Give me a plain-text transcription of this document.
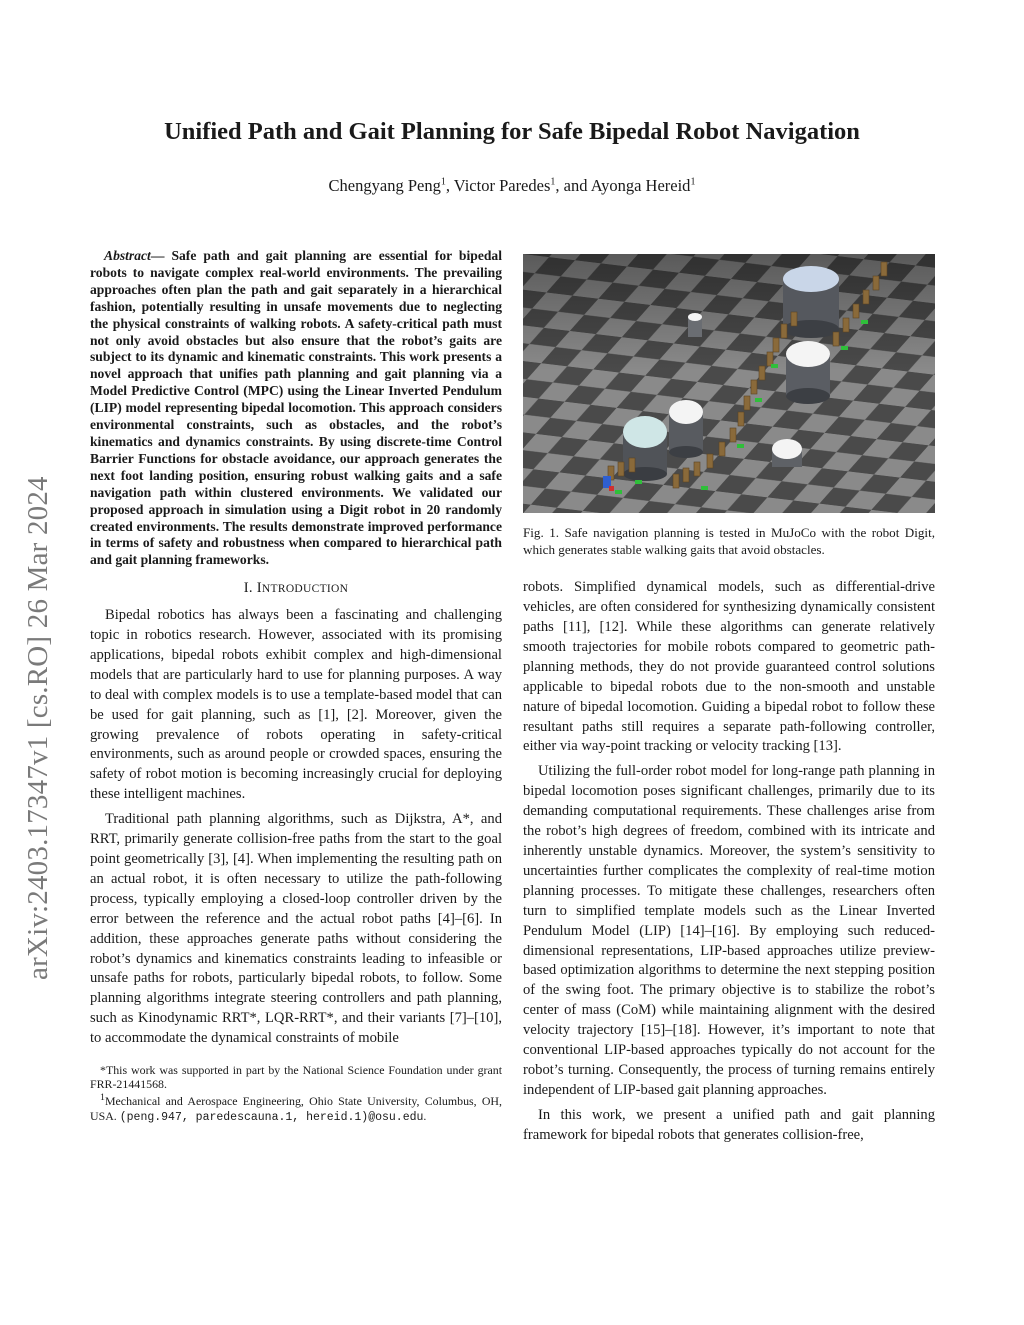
arXiv:2403.17347v1 [cs.RO] 26 Mar 2024
Unified Path and Gait Planning for Safe Bipedal Robot Navigation
Chengyang Peng$^1$, Victor Paredes$^1$, and Ayonga Hereid$^1$

Abstract— Safe path and gait planning are essential for bipedal robots to navigate complex real-world environments. The prevailing approaches often plan the path and gait separately in a hierarchical fashion, potentially resulting in unsafe movements due to neglecting the physical constraints of walking robots. A safety-critical path must not only avoid obstacles but also ensure that the robot’s gaits are subject to its dynamic and kinematic constraints. This work presents a novel approach that unifies path planning and gait planning via a Model Predictive Control (MPC) using the Linear Inverted Pendulum (LIP) model representing bipedal locomotion. This approach considers environmental constraints, such as obstacles, and the robot’s kinematics and dynamics constraints. By using discrete-time Control Barrier Functions for obstacle avoidance, our approach generates the next foot landing position, ensuring robust walking gaits and a safe navigation path within clustered environments. We validated our proposed approach in simulation using a Digit robot in 20 randomly created environments. The results demonstrate improved performance in terms of safety and robustness when compared to hierarchical path and gait planning frameworks.

I. INTRODUCTION

Bipedal robotics has always been a fascinating and challenging topic in robotics research. However, associated with its promising applications, bipedal robots exhibit complex and high-dimensional models that are particularly hard to use for planning purposes. A way to deal with complex models is to use a template-based model that can be used for gait planning, such as [1], [2]. Moreover, given the growing prevalence of robots operating in safety-critical environments, such as around people or crowded spaces, ensuring the safety of robot motion is becoming increasingly crucial for deploying these intelligent machines.

Traditional path planning algorithms, such as Dijkstra, A*, and RRT, primarily generate collision-free paths from the start to the goal point geometrically [3], [4]. When implementing the resulting path on an actual robot, it is often necessary to utilize the path-following process, typically employing a closed-loop controller driven by the error between the reference and the actual robot paths [4]–[6]. In addition, these approaches generate paths without considering the robot’s dynamics and kinematics constraints leading to infeasible or unsafe paths for robots, particularly bipedal robots, to follow. Some planning algorithms integrate steering controllers and path planning, such as Kinodynamic RRT*, LQR-RRT*, and their variants [7]–[10], to accommodate the dynamical constraints of mobile

*This work was supported in part by the National Science Foundation under grant FRR-21441568.

$^1$Mechanical and Aerospace Engineering, Ohio State University, Columbus, OH, USA. (peng.947, paredescauna.1, hereid.1)@osu.edu.

Fig. 1. Safe navigation planning is tested in MuJoCo with the robot Digit, which generates stable walking gaits that avoid obstacles.

robots. Simplified dynamical models, such as differential-drive vehicles, are often considered for synthesizing dynamically consistent paths [11], [12]. While these algorithms can generate relatively smooth trajectories for mobile robots compared to geometric path-planning methods, they do not provide guaranteed control solutions applicable to bipedal robots due to the non-smooth and unstable nature of bipedal locomotion. Guiding a bipedal robot to follow these resultant paths still requires a separate path-following controller, either via way-point tracking or velocity tracking [13].

Utilizing the full-order robot model for long-range path planning in bipedal locomotion poses significant challenges, primarily due to its demanding computational requirements. These challenges arise from the robot’s high degrees of freedom, combined with its intricate and inherently unstable dynamics. Moreover, the system’s sensitivity to uncertainties further complicates the complexity of real-time motion planning processes. To mitigate these challenges, researchers often turn to simplified template models such as the Linear Inverted Pendulum Model (LIP) [14]–[16]. By employing such reduced-dimensional representations, LIP-based approaches utilize preview-based optimization algorithms to determine the next stepping position of the swing foot. The primary objective is to stabilize the robot’s center of mass (CoM) while maintaining alignment with the desired velocity trajectory [15]–[18]. However, it’s important to note that conventional LIP-based approaches typically do not account for the robot’s turning. Consequently, the process of turning remains entirely independent of LIP-based gait planning approaches.

In this work, we present a unified path and gait planning framework for bipedal robots that generates collision-free,
